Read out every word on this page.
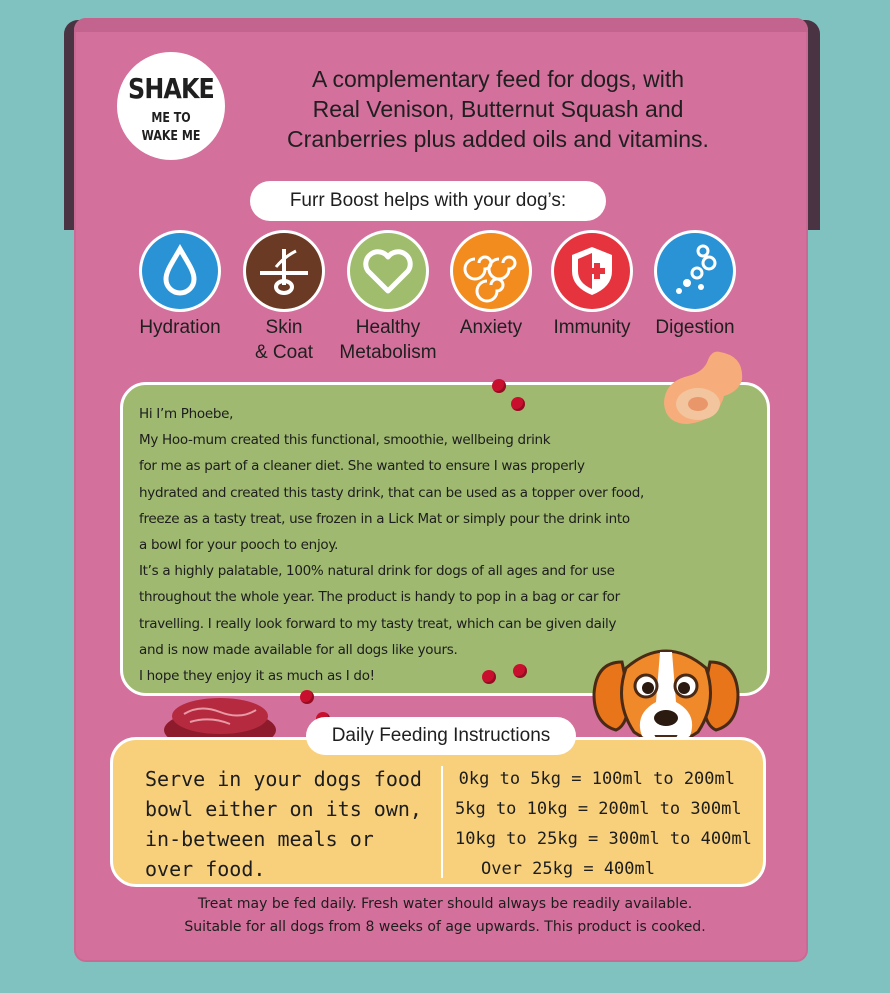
SHAKE
ME TO
WAKE ME
A complementary feed for dogs, with
Real Venison, Butternut Squash and
Cranberries plus added oils and vitamins.
Furr Boost helps with your dog’s:
Hydration	Skin
& Coat
Healthy
Metabolism
Anxiety	Immunity	Digestion
Hi I’m Phoebe,
My Hoo-mum created this functional, smoothie, wellbeing drink
for me as part of a cleaner diet. She wanted to ensure I was properly
hydrated and created this tasty drink, that can be used as a topper over food,
freeze as a tasty treat, use frozen in a Lick Mat or simply pour the drink into
a bowl for your pooch to enjoy.
It’s a highly palatable, 100% natural drink for dogs of all ages and for use
throughout the whole year. The product is handy to pop in a bag or car for
travelling. I really look forward to my tasty treat, which can be given daily
and is now made available for all dogs like yours.
I hope they enjoy it as much as I do!
Serve in your dogs food
bowl either on its own,
in-between meals or
over food.
0kg to 5kg = 100ml to 200ml
5kg to 10kg = 200ml to 300ml
10kg to 25kg = 300ml to 400ml
Over 25kg = 400ml
Daily Feeding Instructions
Treat may be fed daily. Fresh water should always be readily available.
Suitable for all dogs from 8 weeks of age upwards. This product is cooked.
